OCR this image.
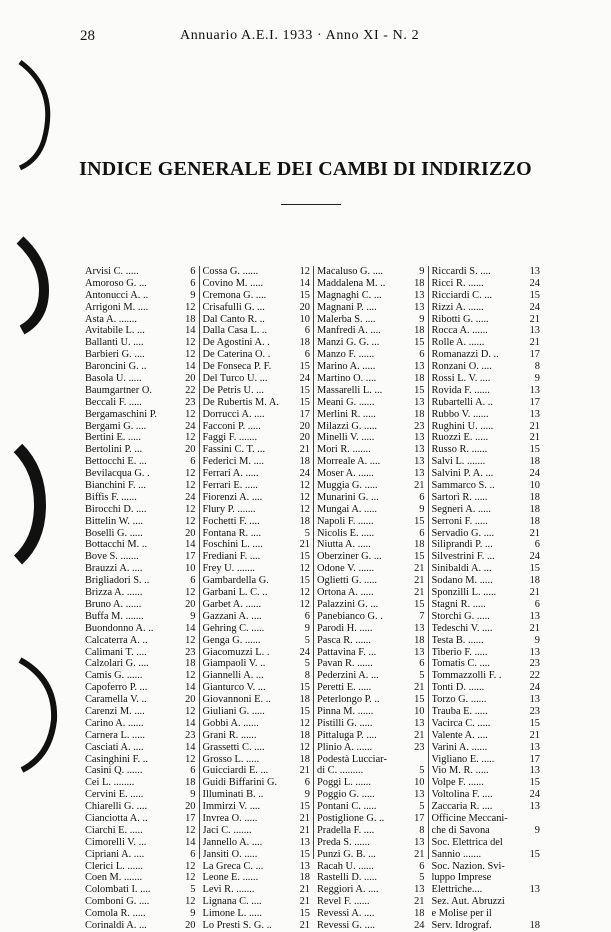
28	Annuario A.E.I. 1933 · Anno XI - N. 2
INDICE GENERALE DEI CAMBI DI INDIRIZZO
Arvisi C. .....	6
Amoroso G. ...	6
Antonucci A. ..	9
Arrigoni M. ....	12
Asta A. .......	18
Avitabile L. ...	14
Ballanti U. ....	12
Barbieri G. ....	12
Baroncini G. ..	14
Basola U. .....	20
Baumgartner O.	22
Beccali F. .....	23
Bergamaschini P.	12
Bergami G. ....	24
Bertini E. .....	12
Bertolini P. ...	20
Bettocchi E. ...	6
Bevilacqua G. .	12
Bianchini F. ...	12
Biffis F. ......	24
Birocchi D. ....	12
Bittelin W. ....	12
Boselli G. .....	20
Bottacchi M. ..	14
Bove S. .......	17
Brauzzi A. ....	10
Brigliadori S. ..	6
Brizza A. ......	12
Bruno A. ......	20
Buffa M. .......	9
Buondonno A. ..	14
Calcaterra A. ..	12
Calimani T. ....	23
Calzolari G. ....	18
Camis G. ......	12
Capoferro P. ...	14
Caramella V. ..	20
Carenzi M. ....	12
Carino A. ......	14
Carnera L. .....	23
Casciati A. ....	14
Casinghini F. ..	12
Casini Q. ......	6
Cei L. ........	18
Cervini E. .....	9
Chiarelli G. ....	20
Cianciotta A. ..	17
Ciarchi E. .....	12
Cimorelli V. ...	14
Cipriani A. ....	6
Clerici L. ......	12
Coen M. .......	12
Colombati I. ....	5
Comboni G. ....	12
Comola R. .....	9
Corinaldi A. ...	20
Cossa G. ......	12
Covino M. .....	14
Cremona G. ....	15
Crisafulli G. ...	20
Dal Canto R. ..	10
Dalla Casa L. ..	6
De Agostini A. .	18
De Caterina O. .	6
De Fonseca P. F.	15
Del Turco U. ...	24
De Petris U. ...	15
De Rubertis M. A.	15
Dorrucci A. ....	17
Facconi P. .....	20
Faggi F. .......	20
Fassini C. T. ...	21
Federici M. ....	18
Ferrari A. .....	24
Ferrari E. .....	12
Fiorenzi A. ....	12
Flury P. .......	12
Fochetti F. ....	18
Fontana R. ....	5
Foschini L. ....	21
Frediani F. ....	15
Frey U. .......	12
Gambardella G.	15
Garbani L. C. ..	12
Garbet A. ......	12
Gazzani A. ....	6
Gehring C. .....	9
Genga G. ......	5
Giacomuzzi L. .	24
Giampaoli V. ..	5
Giannelli A. ...	8
Gianturco V. ...	15
Giovannoni E. ..	18
Giuliani G. .....	15
Gobbi A. ......	12
Grani R. ......	18
Grassetti C. ....	12
Grosso L. .....	18
Guicciardi E. ...	21
Guidi Biffarini G.	6
Illuminati B. ..	9
Immirzi V. ....	15
Invrea O. .....	21
Jaci C. .......	21
Jannello A. ....	13
Jansiti O. .....	15
La Greca C. ...	13
Leone E. ......	18
Levi R. .......	21
Lignana C. ....	21
Limone L. .....	15
Lo Presti S. G. ..	21
Macaluso G. ....	9
Maddalena M. ..	18
Magnaghi C. ...	13
Magnani P. ....	13
Malerba S. ....	9
Manfredi A. ....	18
Manzi G. G. ...	15
Manzo F. ......	6
Marino A. .....	13
Martino O. ....	18
Massarelli L. ...	15
Meani G. ......	13
Merlini R. .....	18
Milazzi G. .....	23
Minelli V. .....	13
Mori R. .......	13
Morreale A. ....	13
Moser A. ......	13
Muggia G. .....	21
Munarini G. ...	6
Mungai A. .....	9
Napoli F. ......	15
Nicolis E. .....	6
Niutta A. .....	18
Oberziner G. ...	15
Odone V. ......	21
Oglietti G. .....	21
Ortona A. .....	21
Palazzini G. ...	15
Panebianco G. .	7
Parodi H. .....	13
Pasca R. ......	18
Pattavina F. ...	13
Pavan R. ......	6
Pederzini A. ...	5
Peretti E. .....	21
Peterlongo P. ..	15
Pinna M. ......	10
Pistilli G. .....	13
Pittaluga P. ....	21
Plinio A. ......	23
Podestà Lucciar-
di C. .........	5
Poggi L. ......	10
Poggio G. .....	13
Pontani C. .....	5
Postiglione G. ..	17
Pradella F. ....	8
Preda S. ......	13
Punzi G. B. ...	21
Racah U. ......	6
Rastelli D. .....	5
Reggiori A. ....	13
Revel F. ......	21
Revessi A. ....	18
Revessi G. ....	24
Riccardi S. ....	13
Ricci R. ......	24
Ricciardi C. ...	15
Rizzi A. ......	24
Ribotti G. .....	21
Rocca A. ......	13
Rolle A. ......	21
Romanazzi D. ..	17
Ronzani O. ....	8
Rossi L. V. ....	9
Rovida F. ......	13
Rubartelli A. ..	17
Rubbo V. ......	13
Rughini U. .....	21
Ruozzi E. .....	21
Russo R. ......	15
Salvi L. .......	18
Salvini P. A. ...	24
Sammarco S. ..	10
Sartori R. .....	18
Segneri A. .....	18
Serroni F. .....	18
Servadio G. ....	21
Siliprandi P. ...	6
Silvestrini F. ...	24
Sinibaldi A. ...	15
Sodano M. .....	18
Sponzilli L. .....	21
Stagni R. .....	6
Storchi G. .....	13
Tedeschi V. ....	21
Testa B. ......	9
Tiberio F. .....	13
Tomatis C. ....	23
Tommazzolli F. .	22
Tonti D. ......	24
Torzo G. ......	13
Trauba E. .....	23
Vacirca C. .....	15
Valente A. ....	21
Varini A. ......	13
Vigliano E. .....	17
Vio M. R. .....	13
Volpe F. ......	15
Voltolina F. ....	24
Zaccaria R. ....	13
Officine Meccani-
che di Savona	9
Soc. Elettrica del
Sannio .......	15
Soc. Nazion. Svi-
luppo Imprese
Elettriche....	13
Sez. Aut. Abruzzi
e Molise per il
Serv. Idrograf.	18
